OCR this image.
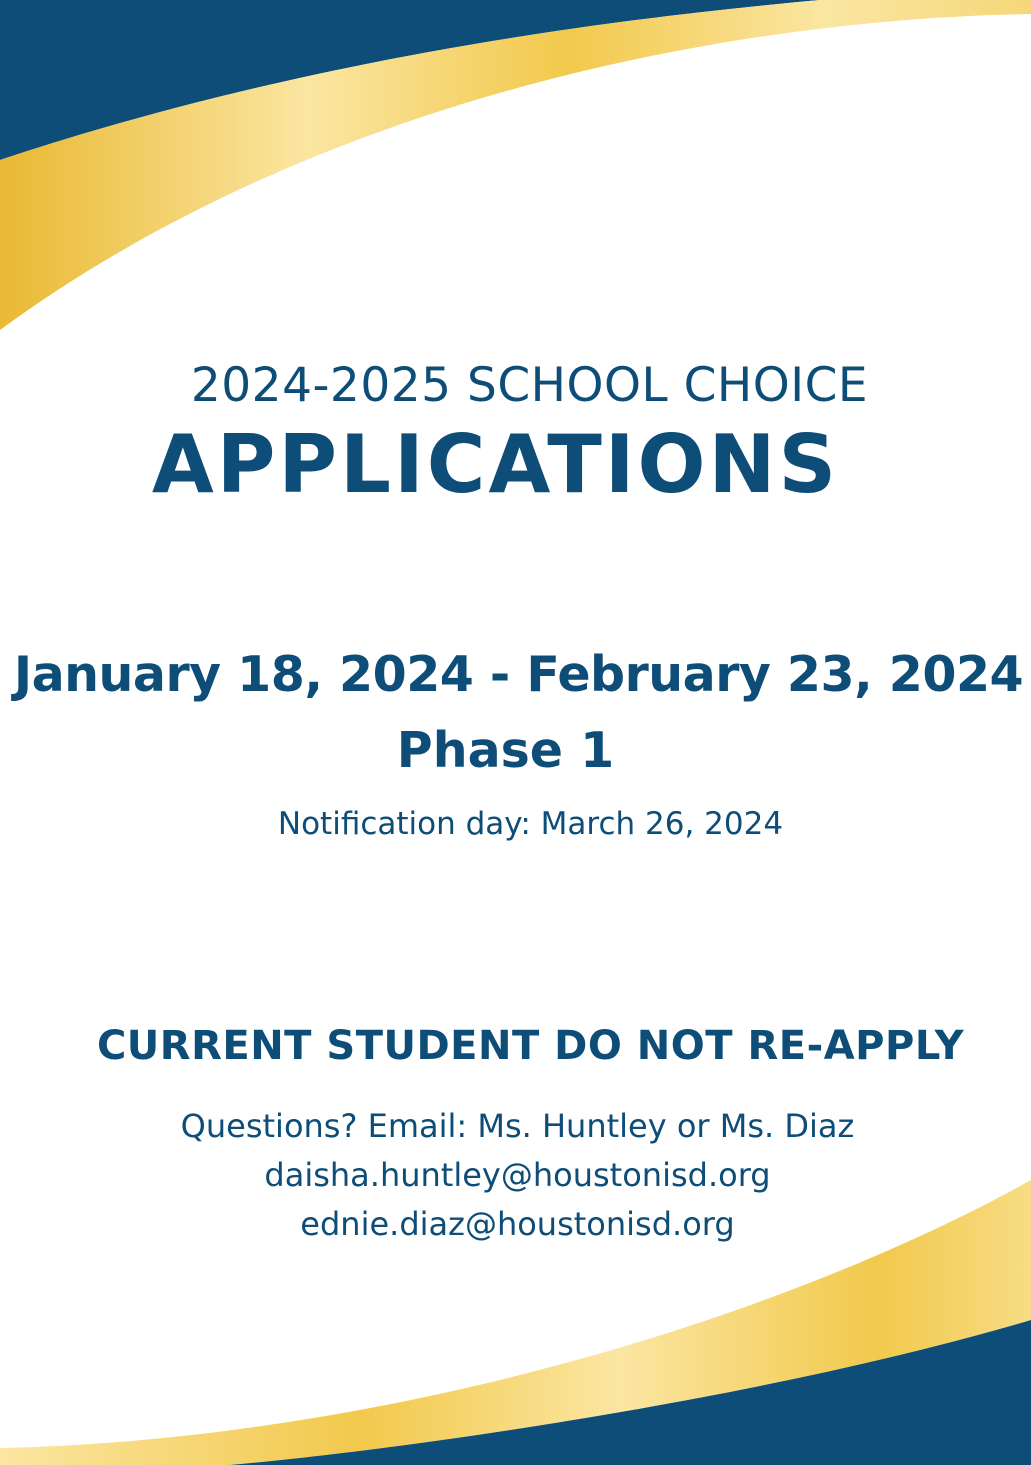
2024-2025 SCHOOL CHOICE
APPLICATIONS
January 18, 2024 - February 23, 2024
Phase 1
Notification day: March 26, 2024
CURRENT STUDENT DO NOT RE-APPLY
Questions? Email: Ms. Huntley or Ms. Diaz
daisha.huntley@houstonisd.org
ednie.diaz@houstonisd.org
